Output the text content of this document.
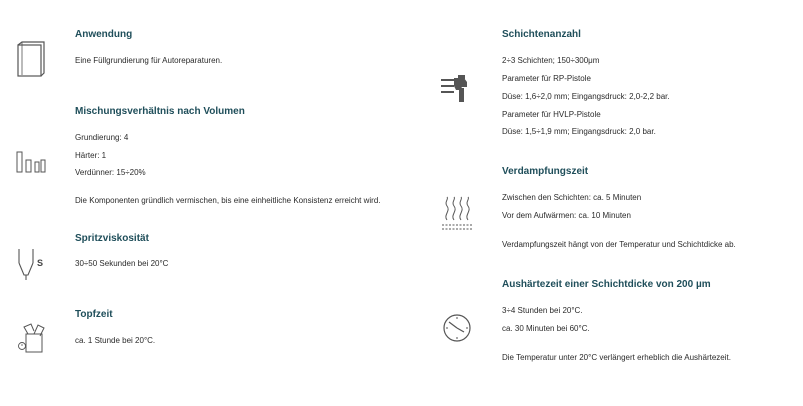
Anwendung

Eine Füllgrundierung für Autoreparaturen.

Mischungsverhältnis nach Volumen

Grundierung: 4

Härter: 1

Verdünner: 15÷20%

Die Komponenten gründlich vermischen, bis eine einheitliche Konsistenz erreicht wird.

S
Spritzviskosität

30÷50 Sekunden bei 20°C

Topfzeit

ca. 1 Stunde bei 20°C.

Schichtenanzahl

2÷3 Schichten; 150÷300μm

Parameter für RP-Pistole

Düse: 1,6÷2,0 mm; Eingangsdruck: 2,0-2,2 bar.

Parameter für HVLP-Pistole

Düse: 1,5÷1,9 mm; Eingangsdruck: 2,0 bar.

Verdampfungszeit

Zwischen den Schichten: ca. 5 Minuten

Vor dem Aufwärmen: ca. 10 Minuten

Verdampfungszeit hängt von der Temperatur und Schichtdicke ab.

Aushärtezeit einer Schichtdicke von 200 µm

3÷4 Stunden bei 20°C.

ca. 30 Minuten bei 60°C.

Die Temperatur unter 20°C verlängert erheblich die Aushärtezeit.
